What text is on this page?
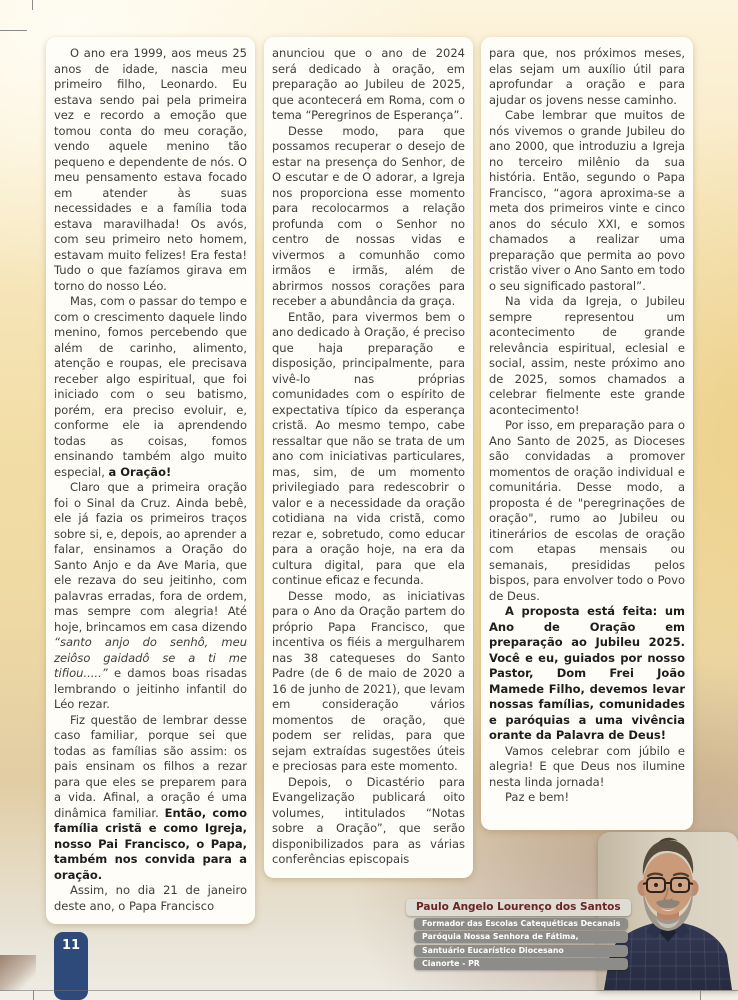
O ano era 1999, aos meus 25 anos de idade, nascia meu primeiro filho, Leonardo. Eu estava sendo pai pela primeira vez e recordo a emoção que tomou conta do meu coração, vendo aquele menino tão pequeno e dependente de nós. O meu pensamento estava focado em atender às suas necessidades e a família toda estava maravilhada! Os avós, com seu primeiro neto homem, estavam muito felizes! Era festa! Tudo o que fazíamos girava em torno do nosso Léo.

Mas, com o passar do tempo e com o crescimento daquele lindo menino, fomos percebendo que além de carinho, alimento, atenção e roupas, ele precisava receber algo espiritual, que foi iniciado com o seu batismo, porém, era preciso evoluir, e, conforme ele ia aprendendo todas as coisas, fomos ensinando também algo muito especial, a Oração!

Claro que a primeira oração foi o Sinal da Cruz. Ainda bebê, ele já fazia os primeiros traços sobre si, e, depois, ao aprender a falar, ensinamos a Oração do Santo Anjo e da Ave Maria, que ele rezava do seu jeitinho, com palavras erradas, fora de ordem, mas sempre com alegria! Até hoje, brincamos em casa dizendo “santo anjo do senhô, meu zeiôso gaidadô se a ti me tifiou.....” e damos boas risadas lembrando o jeitinho infantil do Léo rezar.

Fiz questão de lembrar desse caso familiar, porque sei que todas as famílias são assim: os pais ensinam os filhos a rezar para que eles se preparem para a vida. Afinal, a oração é uma dinâmica familiar. Então, como família cristã e como Igreja, nosso Pai Francisco, o Papa, também nos convida para a oração.

Assim, no dia 21 de janeiro deste ano, o Papa Francisco

anunciou que o ano de 2024 será dedicado à oração, em preparação ao Jubileu de 2025, que acontecerá em Roma, com o tema “Peregrinos de Esperança”.

Desse modo, para que possamos recuperar o desejo de estar na presença do Senhor, de O escutar e de O adorar, a Igreja nos proporciona esse momento para recolocarmos a relação profunda com o Senhor no centro de nossas vidas e vivermos a comunhão como irmãos e irmãs, além de abrirmos nossos corações para receber a abundância da graça.

Então, para vivermos bem o ano dedicado à Oração, é preciso que haja preparação e disposição, principalmente, para vivê-lo nas próprias comunidades com o espírito de expectativa típico da esperança cristã. Ao mesmo tempo, cabe ressaltar que não se trata de um ano com iniciativas particulares, mas, sim, de um momento privilegiado para redescobrir o valor e a necessidade da oração cotidiana na vida cristã, como rezar e, sobretudo, como educar para a oração hoje, na era da cultura digital, para que ela continue eficaz e fecunda.

Desse modo, as iniciativas para o Ano da Oração partem do próprio Papa Francisco, que incentiva os fiéis a mergulharem nas 38 catequeses do Santo Padre (de 6 de maio de 2020 a 16 de junho de 2021), que levam em consideração vários momentos de oração, que podem ser relidas, para que sejam extraídas sugestões úteis e preciosas para este momento.

Depois, o Dicastério para Evangelização publicará oito volumes, intitulados “Notas sobre a Oração”, que serão disponibilizados para as várias conferências episcopais

para que, nos próximos meses, elas sejam um auxílio útil para aprofundar a oração e para ajudar os jovens nesse caminho.

Cabe lembrar que muitos de nós vivemos o grande Jubileu do ano 2000, que introduziu a Igreja no terceiro milênio da sua história. Então, segundo o Papa Francisco, “agora aproxima-se a meta dos primeiros vinte e cinco anos do século XXI, e somos chamados a realizar uma preparação que permita ao povo cristão viver o Ano Santo em todo o seu significado pastoral”.

Na vida da Igreja, o Jubileu sempre representou um acontecimento de grande relevância espiritual, eclesial e social, assim, neste próximo ano de 2025, somos chamados a celebrar fielmente este grande acontecimento!

Por isso, em preparação para o Ano Santo de 2025, as Dioceses são convidadas a promover momentos de oração individual e comunitária. Desse modo, a proposta é de "peregrinações de oração", rumo ao Jubileu ou itinerários de escolas de oração com etapas mensais ou semanais, presididas pelos bispos, para envolver todo o Povo de Deus.

A proposta está feita: um Ano de Oração em preparação ao Jubileu 2025. Você e eu, guiados por nosso Pastor, Dom Frei João Mamede Filho, devemos levar nossas famílias, comunidades e paróquias a uma vivência orante da Palavra de Deus!

Vamos celebrar com júbilo e alegria! E que Deus nos ilumine nesta linda jornada!

Paz e bem!

Paulo Angelo Lourenço dos Santos
Formador das Escolas Catequéticas Decanais
Paróquia Nossa Senhora de Fátima,
Santuário Eucarístico Diocesano
Cianorte - PR
11
